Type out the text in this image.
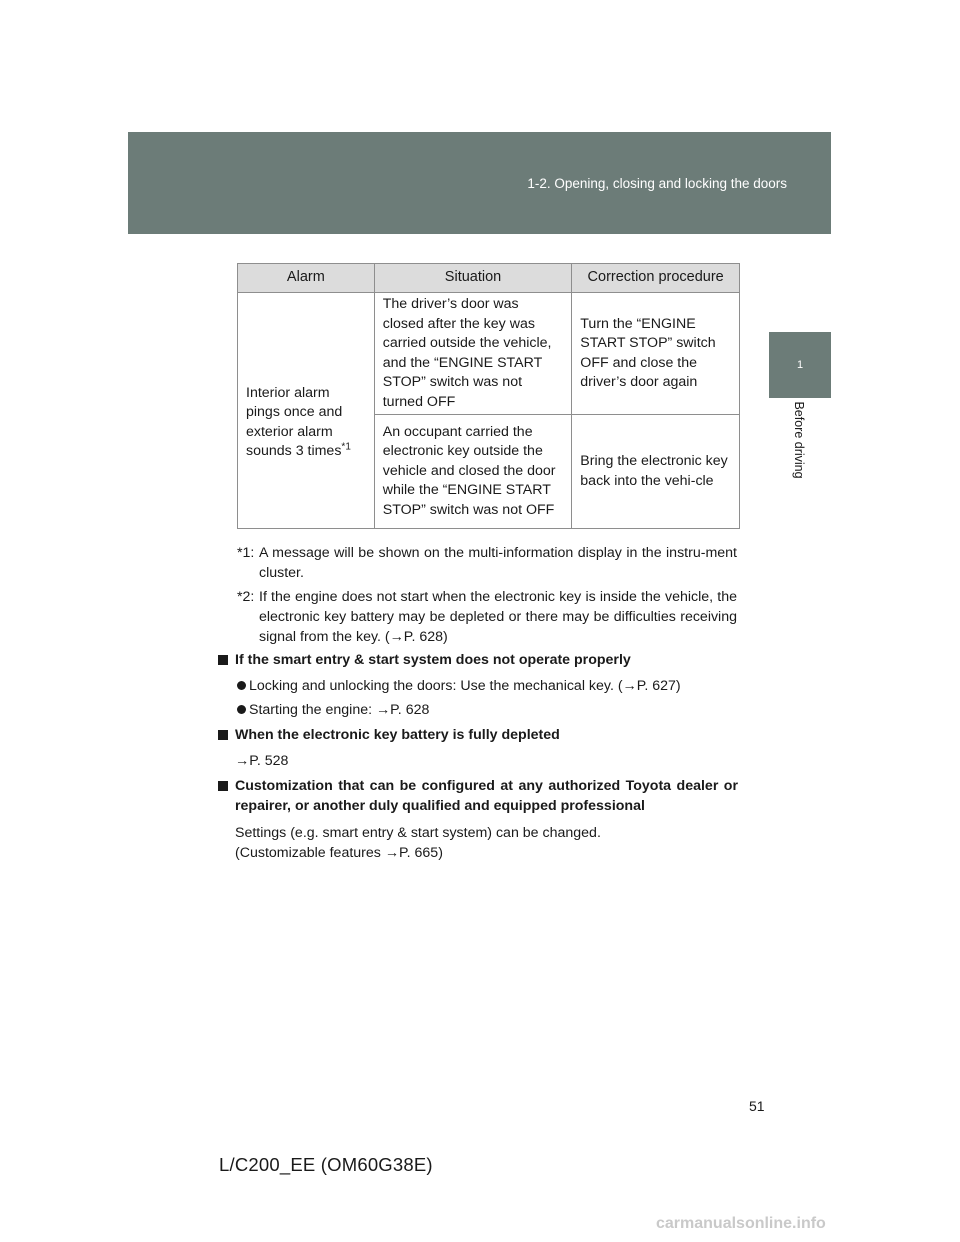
1-2. Opening, closing and locking the doors
1
Before driving
Alarm	Situation	Correction procedure
Interior alarm pings once and exterior alarm sounds 3 times$^{*1}$	The driver’s door was closed after the key was carried outside the vehicle, and the “ENGINE START STOP” switch was not turned OFF	Turn the “ENGINE START STOP” switch OFF and close the driver’s door again
	An occupant carried the electronic key outside the vehicle and closed the door while the “ENGINE START STOP” switch was not OFF	Bring the electronic key back into the vehi-cle
*1: A message will be shown on the multi-information display in the instru-ment cluster.
*2: If the engine does not start when the electronic key is inside the vehicle, the electronic key battery may be depleted or there may be difficulties receiving signal from the key. (→P. 628)
If the smart entry & start system does not operate properly
Locking and unlocking the doors: Use the mechanical key. (→P. 627)
Starting the engine: →P. 628
When the electronic key battery is fully depleted
→P. 528
Customization that can be configured at any authorized Toyota dealer or repairer, or another duly qualified and equipped professional
Settings (e.g. smart entry & start system) can be changed.
(Customizable features →P. 665)
51
L/C200_EE (OM60G38E)
carmanualsonline.info
